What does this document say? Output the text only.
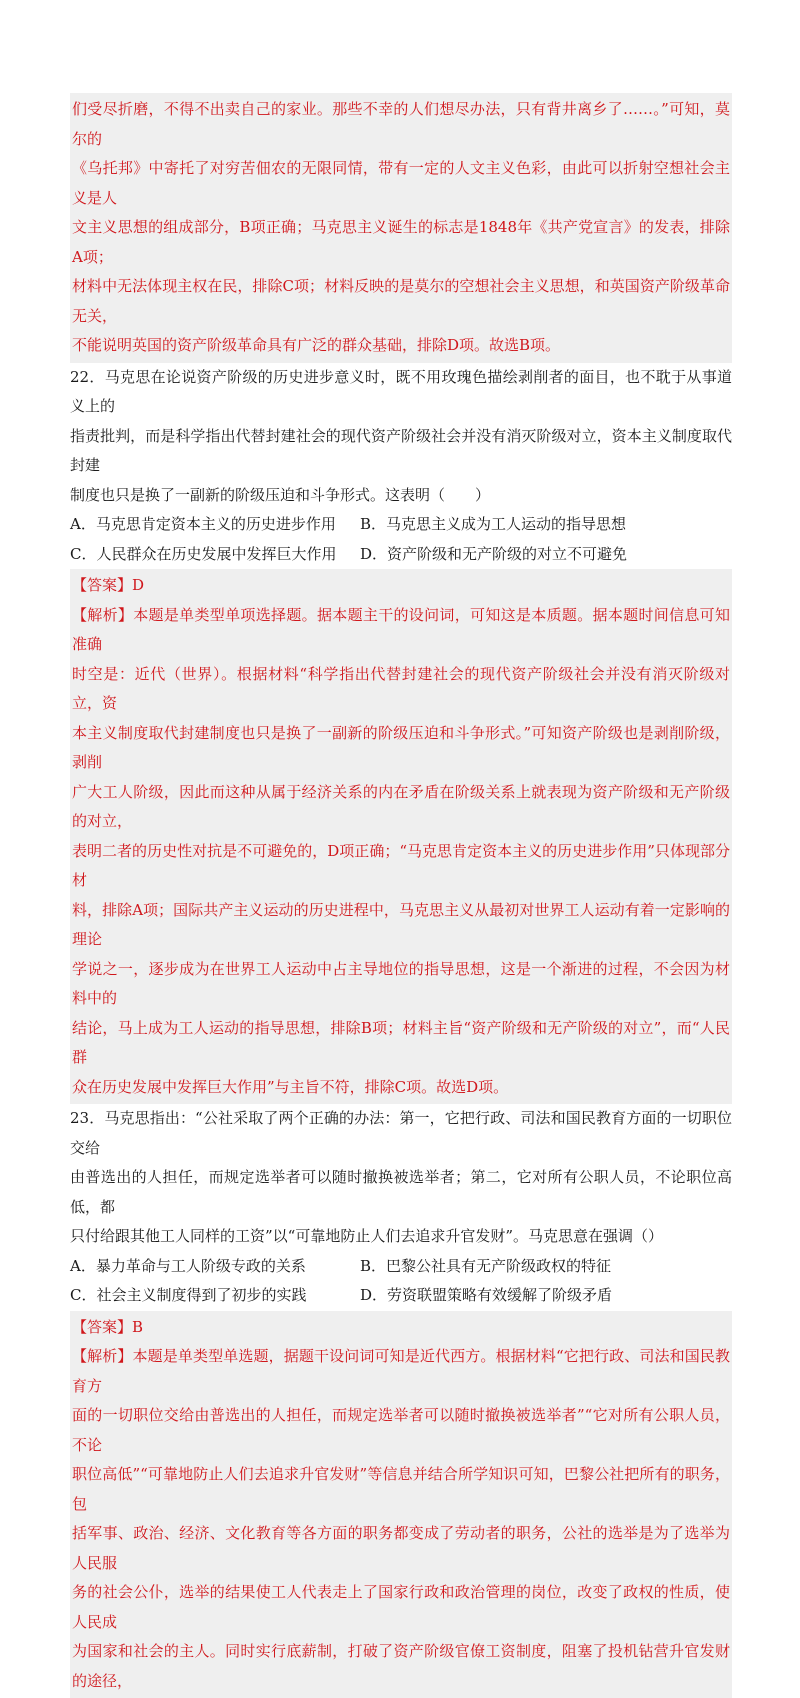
们受尽折磨，不得不出卖自己的家业。那些不幸的人们想尽办法，只有背井离乡了……。”可知，莫尔的

《乌托邦》中寄托了对穷苦佃农的无限同情，带有一定的人文主义色彩，由此可以折射空想社会主义是人

文主义思想的组成部分，B项正确；马克思主义诞生的标志是1848年《共产党宣言》的发表，排除A项；

材料中无法体现主权在民，排除C项；材料反映的是莫尔的空想社会主义思想，和英国资产阶级革命无关，

不能说明英国的资产阶级革命具有广泛的群众基础，排除D项。故选B项。

22．马克思在论说资产阶级的历史进步意义时，既不用玫瑰色描绘剥削者的面目，也不耽于从事道义上的

指责批判，而是科学指出代替封建社会的现代资产阶级社会并没有消灭阶级对立，资本主义制度取代封建

制度也只是换了一副新的阶级压迫和斗争形式。这表明（　　）

A．马克思肯定资本主义的历史进步作用	B．马克思主义成为工人运动的指导思想
C．人民群众在历史发展中发挥巨大作用	D．资产阶级和无产阶级的对立不可避免

【答案】D

【解析】本题是单类型单项选择题。据本题主干的设问词，可知这是本质题。据本题时间信息可知准确

时空是：近代（世界）。根据材料“科学指出代替封建社会的现代资产阶级社会并没有消灭阶级对立，资

本主义制度取代封建制度也只是换了一副新的阶级压迫和斗争形式。”可知资产阶级也是剥削阶级，剥削

广大工人阶级，因此而这种从属于经济关系的内在矛盾在阶级关系上就表现为资产阶级和无产阶级的对立，

表明二者的历史性对抗是不可避免的，D项正确；“马克思肯定资本主义的历史进步作用”只体现部分材

料，排除A项；国际共产主义运动的历史进程中，马克思主义从最初对世界工人运动有着一定影响的理论

学说之一，逐步成为在世界工人运动中占主导地位的指导思想，这是一个渐进的过程，不会因为材料中的

结论，马上成为工人运动的指导思想，排除B项；材料主旨“资产阶级和无产阶级的对立”，而“人民群

众在历史发展中发挥巨大作用”与主旨不符，排除C项。故选D项。

23．马克思指出：“公社采取了两个正确的办法：第一，它把行政、司法和国民教育方面的一切职位交给

由普选出的人担任，而规定选举者可以随时撤换被选举者；第二，它对所有公职人员，不论职位高低，都

只付给跟其他工人同样的工资”以“可靠地防止人们去追求升官发财”。马克思意在强调（）

A．暴力革命与工人阶级专政的关系	B．巴黎公社具有无产阶级政权的特征
C．社会主义制度得到了初步的实践	D．劳资联盟策略有效缓解了阶级矛盾

【答案】B

【解析】本题是单类型单选题，据题干设问词可知是近代西方。根据材料“它把行政、司法和国民教育方

面的一切职位交给由普选出的人担任，而规定选举者可以随时撤换被选举者”“它对所有公职人员，不论

职位高低”“可靠地防止人们去追求升官发财”等信息并结合所学知识可知，巴黎公社把所有的职务，包

括军事、政治、经济、文化教育等各方面的职务都变成了劳动者的职务，公社的选举是为了选举为人民服

务的社会公仆，选举的结果使工人代表走上了国家行政和政治管理的岗位，改变了政权的性质，使人民成

为国家和社会的主人。同时实行底薪制，打破了资产阶级官僚工资制度，阻塞了投机钻营升官发财的途径，
